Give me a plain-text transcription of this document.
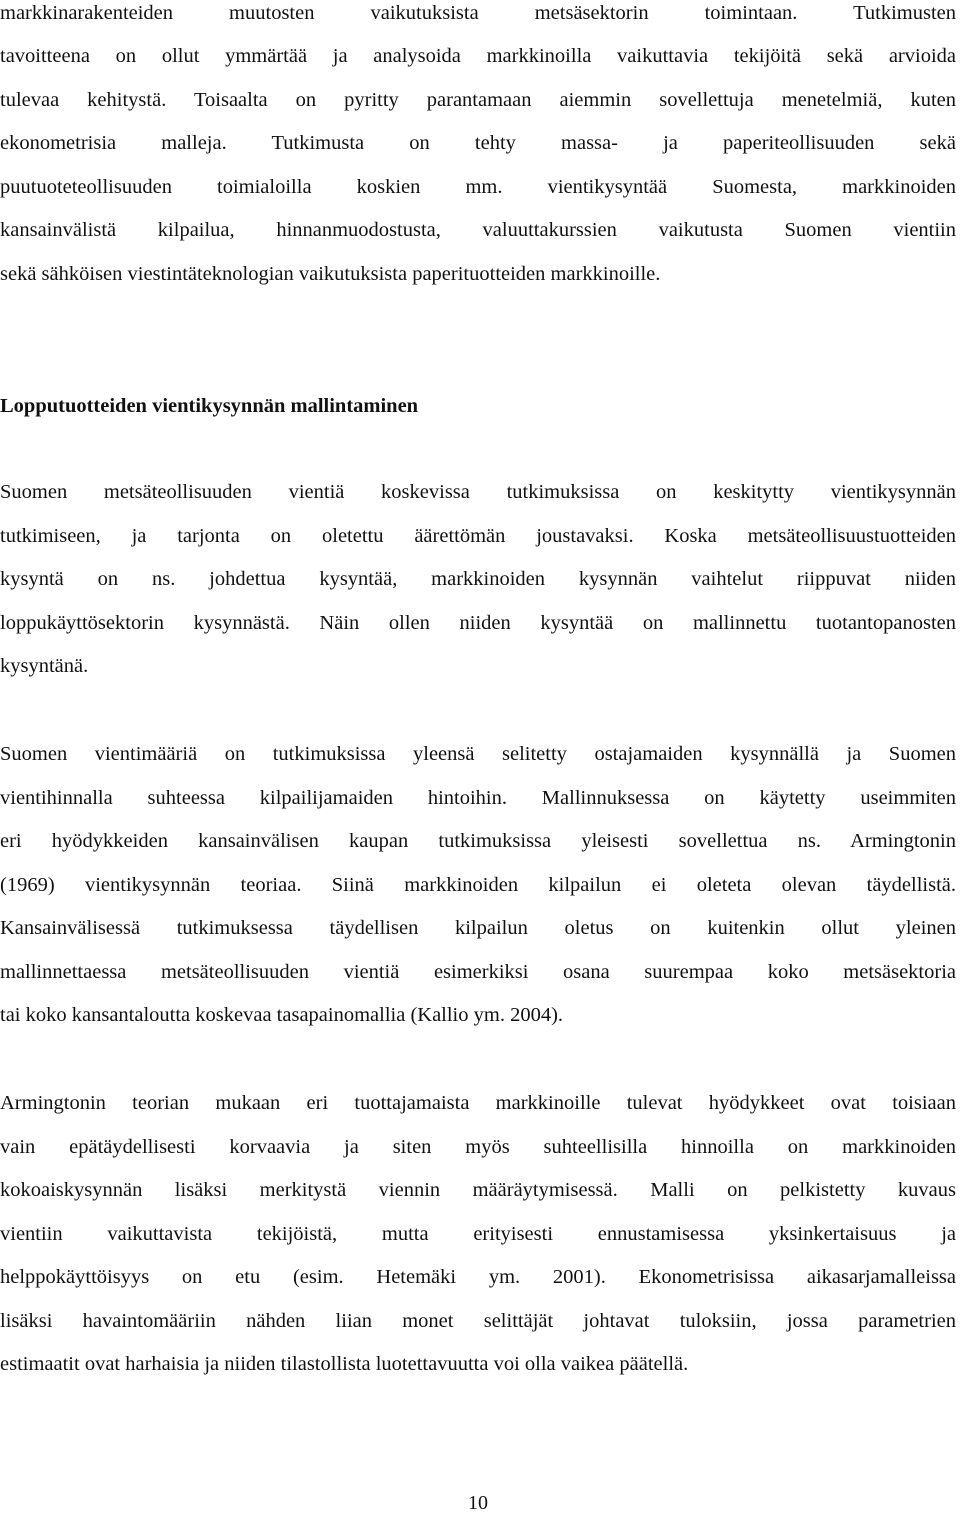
markkinarakenteiden muutosten vaikutuksista metsäsektorin toimintaan. Tutkimusten
tavoitteena on ollut ymmärtää ja analysoida markkinoilla vaikuttavia tekijöitä sekä arvioida
tulevaa kehitystä. Toisaalta on pyritty parantamaan aiemmin sovellettuja menetelmiä, kuten
ekonometrisia malleja. Tutkimusta on tehty massa- ja paperiteollisuuden sekä
puutuoteteollisuuden toimialoilla koskien mm. vientikysyntää Suomesta, markkinoiden
kansainvälistä kilpailua, hinnanmuodostusta, valuuttakurssien vaikutusta Suomen vientiin
sekä sähköisen viestintäteknologian vaikutuksista paperituotteiden markkinoille.
Lopputuotteiden vientikysynnän mallintaminen
Suomen metsäteollisuuden vientiä koskevissa tutkimuksissa on keskitytty vientikysynnän
tutkimiseen, ja tarjonta on oletettu äärettömän joustavaksi. Koska metsäteollisuustuotteiden
kysyntä on ns. johdettua kysyntää, markkinoiden kysynnän vaihtelut riippuvat niiden
loppukäyttösektorin kysynnästä. Näin ollen niiden kysyntää on mallinnettu tuotantopanosten
kysyntänä.
Suomen vientimääriä on tutkimuksissa yleensä selitetty ostajamaiden kysynnällä ja Suomen
vientihinnalla suhteessa kilpailijamaiden hintoihin. Mallinnuksessa on käytetty useimmiten
eri hyödykkeiden kansainvälisen kaupan tutkimuksissa yleisesti sovellettua ns. Armingtonin
(1969) vientikysynnän teoriaa. Siinä markkinoiden kilpailun ei oleteta olevan täydellistä.
Kansainvälisessä tutkimuksessa täydellisen kilpailun oletus on kuitenkin ollut yleinen
mallinnettaessa metsäteollisuuden vientiä esimerkiksi osana suurempaa koko metsäsektoria
tai koko kansantaloutta koskevaa tasapainomallia (Kallio ym. 2004).
Armingtonin teorian mukaan eri tuottajamaista markkinoille tulevat hyödykkeet ovat toisiaan
vain epätäydellisesti korvaavia ja siten myös suhteellisilla hinnoilla on markkinoiden
kokoaiskysynnän lisäksi merkitystä viennin määräytymisessä. Malli on pelkistetty kuvaus
vientiin vaikuttavista tekijöistä, mutta erityisesti ennustamisessa yksinkertaisuus ja
helppokäyttöisyys on etu (esim. Hetemäki ym. 2001). Ekonometrisissa aikasarjamalleissa
lisäksi havaintomääriin nähden liian monet selittäjät johtavat tuloksiin, jossa parametrien
estimaatit ovat harhaisia ja niiden tilastollista luotettavuutta voi olla vaikea päätellä.
10
